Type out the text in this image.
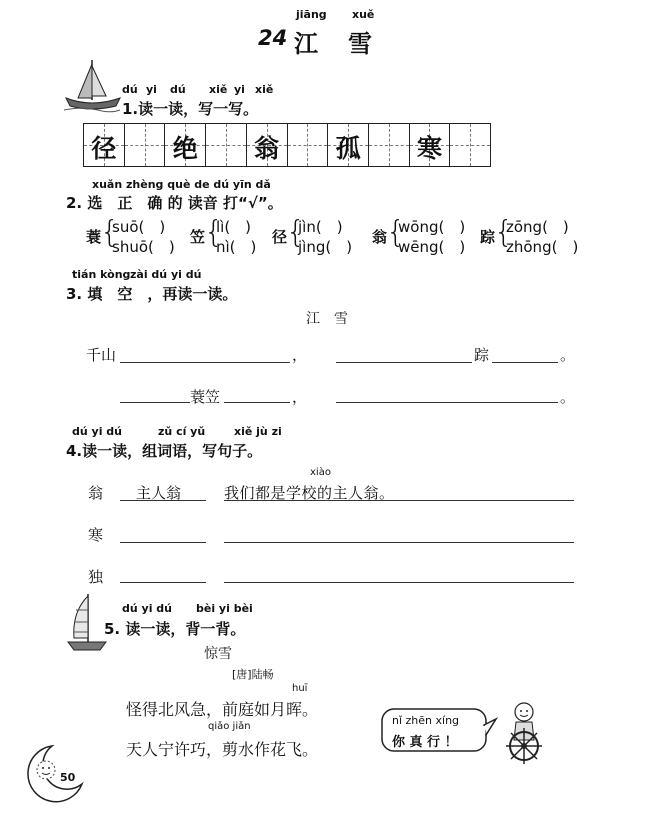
jiāng xuě
24 江 雪
dú yi dú xiě yi xiě
1.读一读，写一写。
径 绝 翁 孤 寒
xuǎn zhèng què de dú yīn dǎ
2. 选　正　确 的 读音 打“√”。
蓑
{
suō(　)
shuō(　)
笠
{
lì(　)
nì(　)
径
{
jìn(　)
jìng(　)
翁
{
wōng(　)
wēng(　)
踪
{
zōng(　)
zhōng(　)
tián kòng zài dú yi dú
3. 填　空　，再读一读。
江　雪
千山	，	踪	。
蓑笠	，	。
dú yi dú	zǔ cí yǔ	xiě jù zi
4.读一读，组词语，写句子。
xiào
翁 主人翁	我们都是学校的主人翁。
寒
独
dú yi dú bèi yi bèi
5. 读一读，背一背。
惊雪
[唐]陆畅
huī
怪得北风急，前庭如月晖。
qiǎo jiǎn
天人宁许巧，剪水作花飞。
nǐ zhēn xíng
你 真 行 ！
50
